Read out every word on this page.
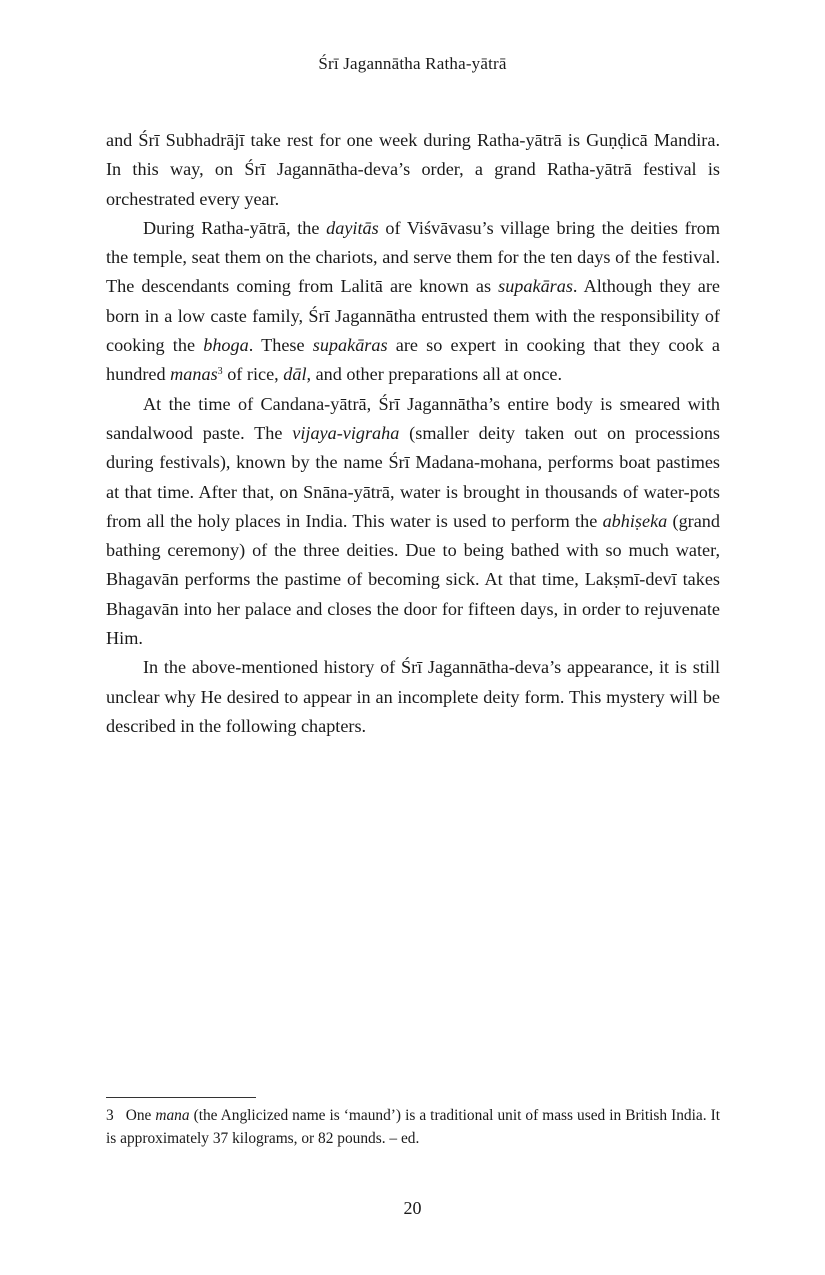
Śrī Jagannātha Ratha-yātrā

and Śrī Subhadrājī take rest for one week during Ratha-yātrā is Guṇḍicā Mandira. In this way, on Śrī Jagannātha-deva’s order, a grand Ratha-yātrā festival is orchestrated every year.

During Ratha-yātrā, the dayitās of Viśvāvasu’s village bring the deities from the temple, seat them on the chariots, and serve them for the ten days of the festival. The descendants coming from Lalitā are known as supakāras. Although they are born in a low caste family, Śrī Jagannātha entrusted them with the responsibility of cooking the bhoga. These supakāras are so expert in cooking that they cook a hundred manas$^3$ of rice, dāl, and other preparations all at once.

At the time of Candana-yātrā, Śrī Jagannātha’s entire body is smeared with sandalwood paste. The vijaya-vigraha (smaller deity taken out on processions during festivals), known by the name Śrī Madana-mohana, performs boat pastimes at that time. After that, on Snāna-yātrā, water is brought in thousands of water-pots from all the holy places in India. This water is used to perform the abhiṣeka (grand bathing ceremony) of the three deities. Due to being bathed with so much water, Bhagavān performs the pastime of becoming sick. At that time, Lakṣmī-devī takes Bhagavān into her palace and closes the door for fifteen days, in order to rejuvenate Him.

In the above-mentioned history of Śrī Jagannātha-deva’s appearance, it is still unclear why He desired to appear in an incomplete deity form. This mystery will be described in the following chapters.

3 One mana (the Anglicized name is ‘maund’) is a traditional unit of mass used in British India. It is approximately 37 kilograms, or 82 pounds. – ed.
20
